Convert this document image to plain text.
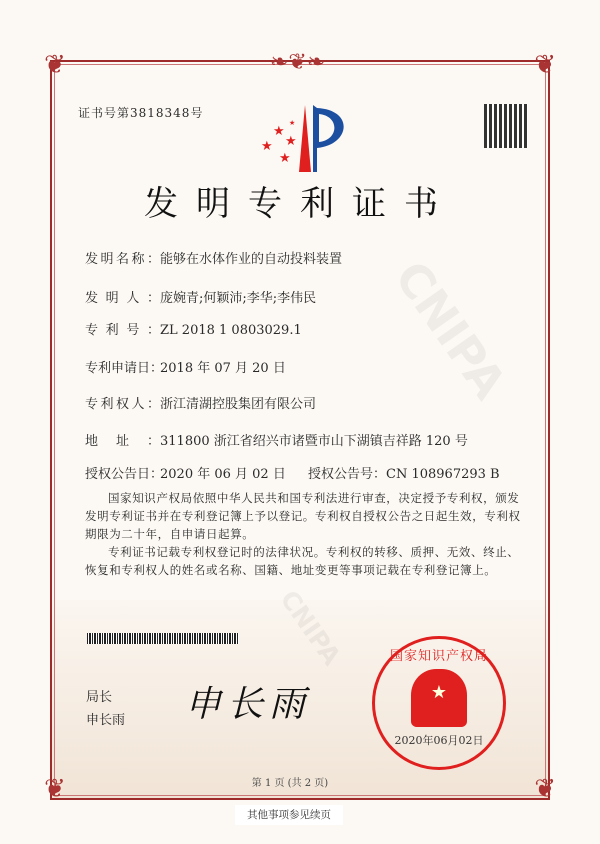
❦	❦
❦	❦
❧❦❧
CNIPA
CNIPA
证书号第3818348号
★
★
★
★
★
发明专利证书
发明名称：能够在水体作业的自动投料装置
发明人：庞婉青;何颖沛;李华;李伟民
专利号：ZL 2018 1 0803029.1
专利申请日：2018 年 07 月 20 日
专利权人：浙江清湖控股集团有限公司
地址：311800 浙江省绍兴市诸暨市山下湖镇吉祥路 120 号
授权公告日：2020 年 06 月 02 日 授权公告号：CN 108967293 B
国家知识产权局依照中华人民共和国专利法进行审查，决定授予专利权，颁发发明专利证书并在专利登记簿上予以登记。专利权自授权公告之日起生效，专利权期限为二十年，自申请日起算。
专利证书记载专利权登记时的法律状况。专利权的转移、质押、无效、终止、恢复和专利权人的姓名或名称、国籍、地址变更等事项记载在专利登记簿上。
局长
申长雨 申长雨
国家知识产权局
★
2020年06月02日
第 1 页 (共 2 页)
其他事项参见续页
